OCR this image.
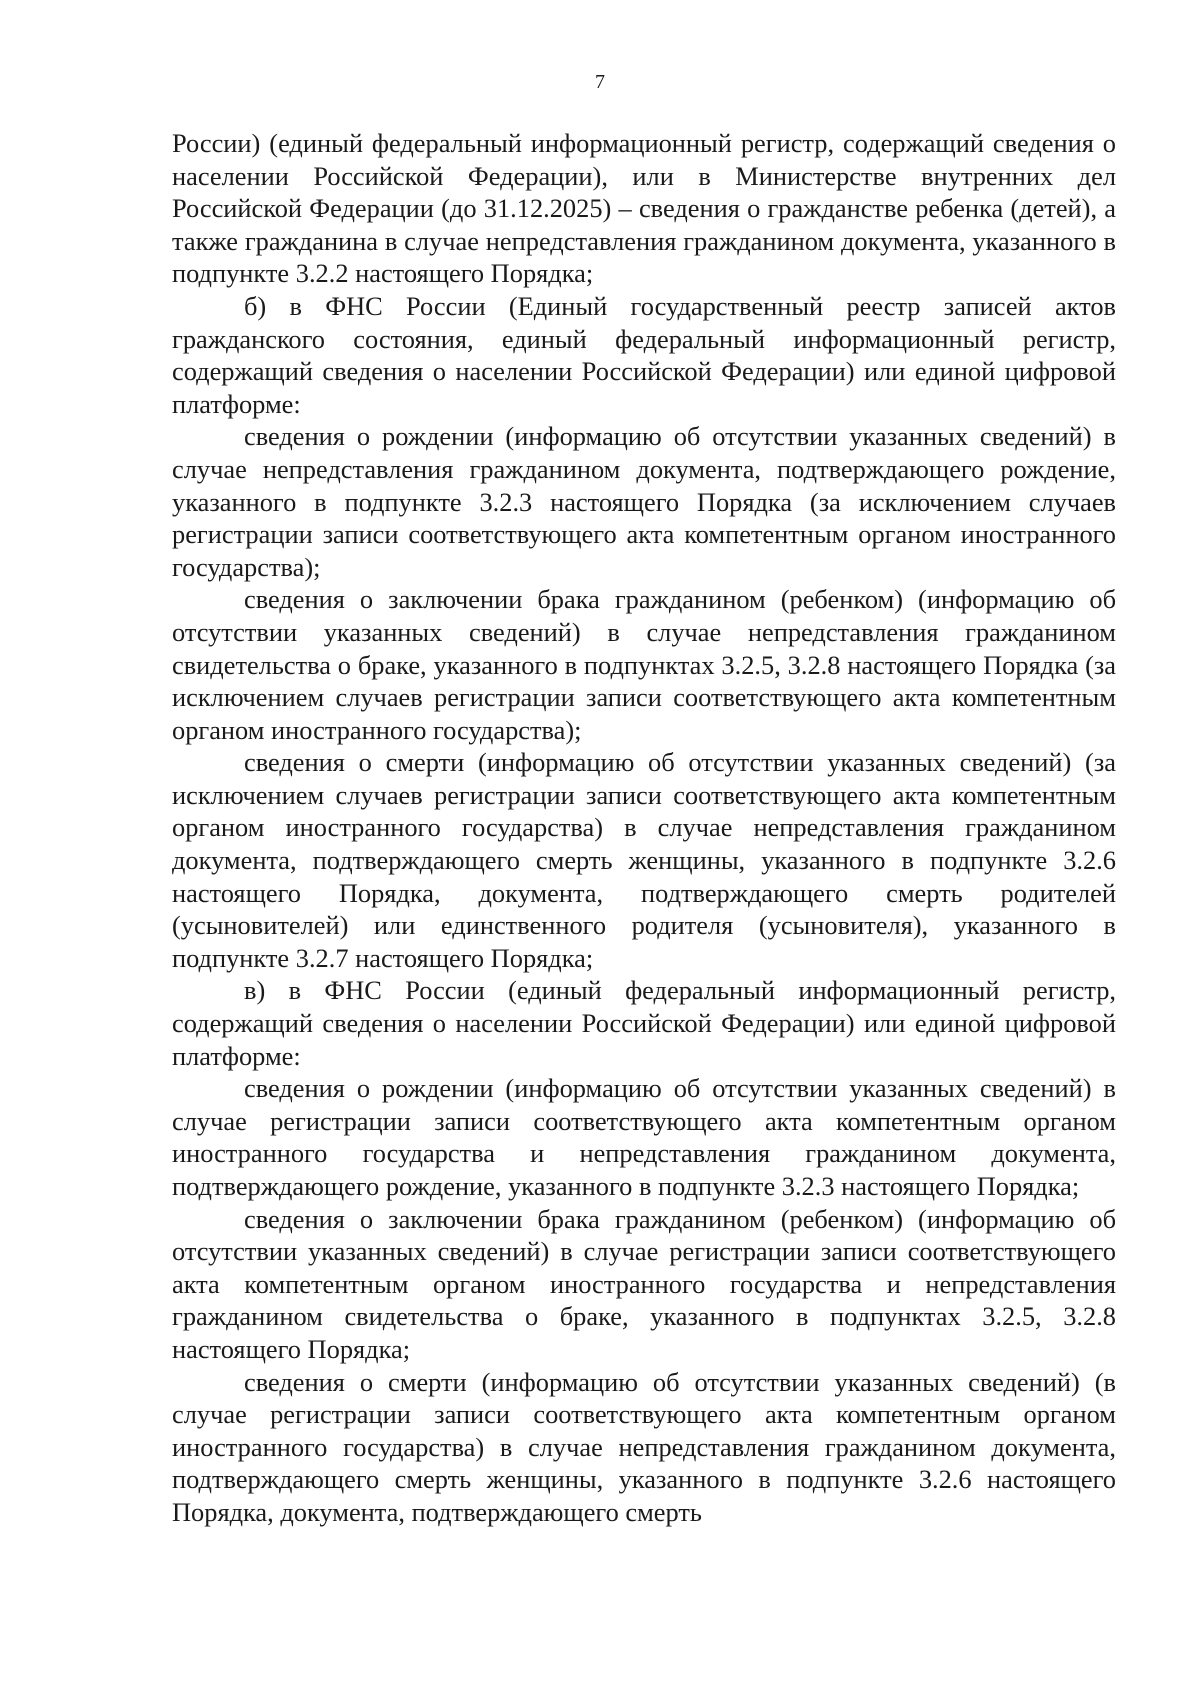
7

России) (единый федеральный информационный регистр, содержащий сведения о населении Российской Федерации), или в Министерстве внутренних дел Российской Федерации (до 31.12.2025) – сведения о гражданстве ребенка (детей), а также гражданина в случае непредставления гражданином документа, указанного в подпункте 3.2.2 настоящего Порядка;

б) в ФНС России (Единый государственный реестр записей актов гражданского состояния, единый федеральный информационный регистр, содержащий сведения о населении Российской Федерации) или единой цифровой платформе:

сведения о рождении (информацию об отсутствии указанных сведений) в случае непредставления гражданином документа, подтверждающего рождение, указанного в подпункте 3.2.3 настоящего Порядка (за исключением случаев регистрации записи соответствующего акта компетентным органом иностранного государства);

сведения о заключении брака гражданином (ребенком) (информацию об отсутствии указанных сведений) в случае непредставления гражданином свидетельства о браке, указанного в подпунктах 3.2.5, 3.2.8 настоящего Порядка (за исключением случаев регистрации записи соответствующего акта компетентным органом иностранного государства);

сведения о смерти (информацию об отсутствии указанных сведений) (за исключением случаев регистрации записи соответствующего акта компетентным органом иностранного государства) в случае непредставления гражданином документа, подтверждающего смерть женщины, указанного в подпункте 3.2.6 настоящего Порядка, документа, подтверждающего смерть родителей (усыновителей) или единственного родителя (усыновителя), указанного в подпункте 3.2.7 настоящего Порядка;

в) в ФНС России (единый федеральный информационный регистр, содержащий сведения о населении Российской Федерации) или единой цифровой платформе:

сведения о рождении (информацию об отсутствии указанных сведений) в случае регистрации записи соответствующего акта компетентным органом иностранного государства и непредставления гражданином документа, подтверждающего рождение, указанного в подпункте 3.2.3 настоящего Порядка;

сведения о заключении брака гражданином (ребенком) (информацию об отсутствии указанных сведений) в случае регистрации записи соответствующего акта компетентным органом иностранного государства и непредставления гражданином свидетельства о браке, указанного в подпунктах 3.2.5, 3.2.8 настоящего Порядка;

сведения о смерти (информацию об отсутствии указанных сведений) (в случае регистрации записи соответствующего акта компетентным органом иностранного государства) в случае непредставления гражданином документа, подтверждающего смерть женщины, указанного в подпункте 3.2.6 настоящего Порядка, документа, подтверждающего смерть
